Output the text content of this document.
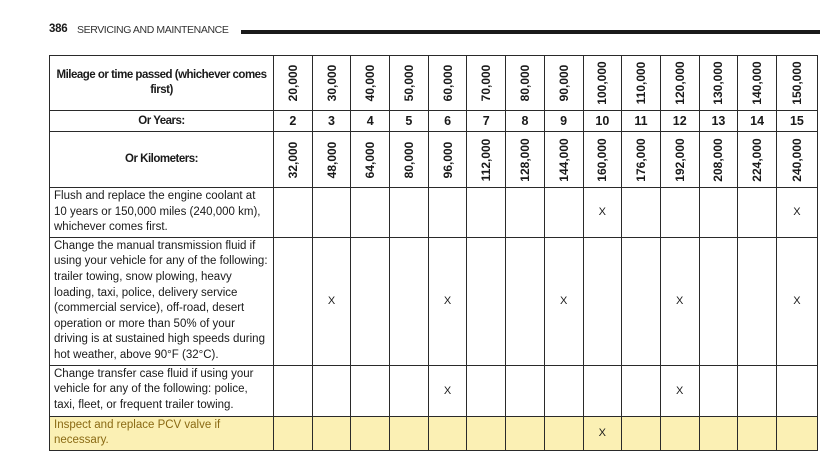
386 SERVICING AND MAINTENANCE
Mileage or time passed (whichever comes first)	20,000	30,000	40,000	50,000	60,000	70,000	80,000	90,000	100,000	110,000	120,000	130,000	140,000	150,000

Or Years:	2	3	4	5	6	7	8	9	10	11	12	13	14	15
Or Kilometers:	32,000	48,000	64,000	80,000	96,000	112,000	128,000	144,000	160,000	176,000	192,000	208,000	224,000	240,000

Flush and replace the engine coolant at 10 years or 150,000 miles (240,000 km), whichever comes first.									X					X
Change the manual transmission fluid if using your vehicle for any of the following: trailer towing, snow plowing, heavy loading, taxi, police, delivery service (commercial service), off-road, desert operation or more than 50% of your driving is at sustained high speeds during hot weather, above 90°F (32°C).		X			X			X			X			X
Change transfer case fluid if using your vehicle for any of the following: police, taxi, fleet, or frequent trailer towing.					X						X			
Inspect and replace PCV valve if necessary.									X					
